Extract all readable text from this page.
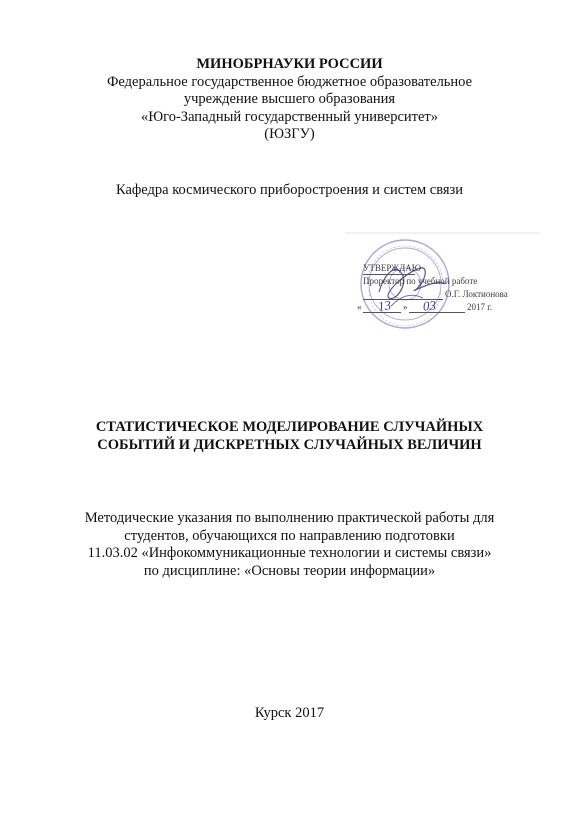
МИНОБРНАУКИ РОССИИ
Федеральное государственное бюджетное образовательное
учреждение высшего образования
«Юго-Западный государственный университет»
(ЮЗГУ)
Кафедра космического приборостроения и систем связи
УТВЕРЖДАЮ
Проректор по учебной работе
О.Г. Локтионова
«	»	2017 г.
13 03
СТАТИСТИЧЕСКОЕ МОДЕЛИРОВАНИЕ СЛУЧАЙНЫХ
СОБЫТИЙ И ДИСКРЕТНЫХ СЛУЧАЙНЫХ ВЕЛИЧИН
Методические указания по выполнению практической работы для
студентов, обучающихся по направлению подготовки
11.03.02 «Инфокоммуникационные технологии и системы связи»
по дисциплине: «Основы теории информации»
Курск 2017
